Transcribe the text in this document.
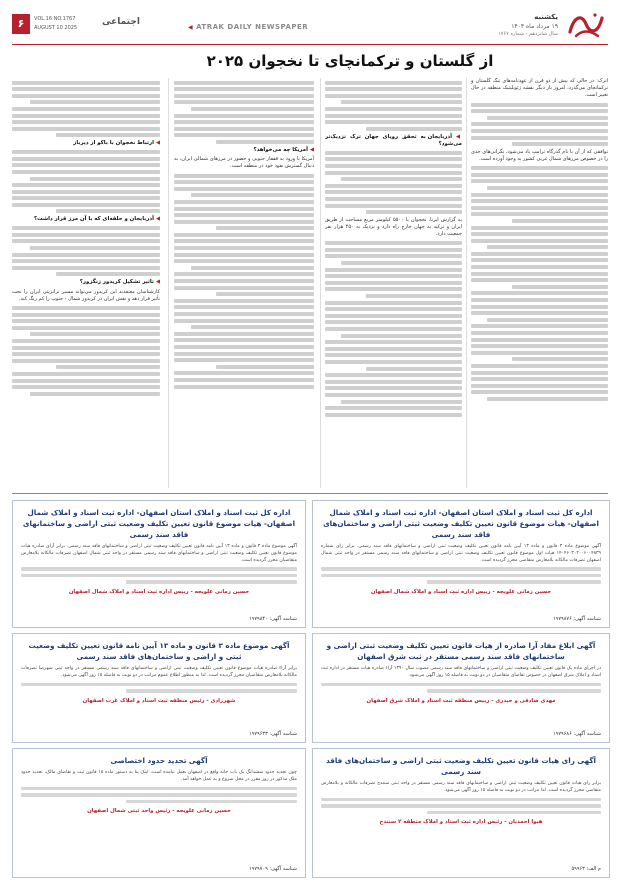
یکشنبه
۱۹ مرداد ماه ۱۴۰۴
سال شانزدهم - شماره ۱۷۶۷
◀ ATRAK DAILY NEWSPAPER
اجتماعی
۶	VOL.16 NO.1767
AUGUST 10 2025
از گلستان و ترکمانچای تا نخجوان ۲۰۲۵

اترک: در حالی که بیش از دو قرن از عهدنامه‌های ننگ گلستان و ترکمانچای می‌گذرد، امروز بار دیگر نقشه ژئوپلیتیک منطقه در حال تغییر است.

توافقی که از آن با نام گذرگاه ترامپ یاد می‌شود، نگرانی‌های جدی را در خصوص مرزهای شمال غربی کشور به وجود آورده است.

◀ آذربایجان به تحقق رویای جهان ترک نزدیک‌تر می‌شود؟

به گزارش ایرنا، نخجوان با ۵۵۰۰ کیلومتر مربع مساحت از طریق ایران و ترکیه به جهان خارج راه دارد و نزدیک به ۴۵۰ هزار نفر جمعیت دارد.

◀ آمریکا چه می‌خواهد؟

آمریکا با ورود به قفقاز جنوبی و حضور در مرزهای شمالی ایران، به دنبال گسترش نفوذ خود در منطقه است.

◀ ارتباط نخجوان با باکو از دیرباز
◀ آذربایجان و حلقه‌ای که با آن مرز قرار داشت؟
◀ تاثیر تشکیل کریدور زنگزور؟

کارشناسان معتقدند این کریدور می‌تواند مسیر ترانزیتی ایران را تحت تأثیر قرار دهد و نقش ایران در کریدور شمال - جنوب را کم رنگ کند.

اداره کل ثبت اسناد و املاک استان اصفهان- اداره ثبت اسناد و املاک شمال اصفهان- هیات موضوع قانون تعیین تکلیف وضعیت ثبتی اراضی و ساختمان‌های فاقد سند رسمی
آگهی موضوع ماده ۳ قانون و ماده ۱۳ آیین نامه قانون تعیین تکلیف وضعیت ثبتی اراضی و ساختمانهای فاقد سند رسمی. برابر رای شماره ۱۴۰۴۶۰۳۰۲۰۰۶۰۰۴۸۳۹ هیات اول موضوع قانون تعیین تکلیف وضعیت ثبتی اراضی و ساختمانهای فاقد سند رسمی مستقر در واحد ثبتی شمال اصفهان تصرفات مالکانه بلامعارض متقاضی محرز گردیده است.
حسین زمانی علویجه - رییس اداره ثبت اسناد و املاک شمال اصفهان
شناسه آگهی: ۱۹۷۹۸۷۶
آگهی ابلاغ مفاد آرا صادره از هیات قانون تعیین تکلیف وضعیت ثبتی اراضی و ساختمانهای فاقد سند رسمی مستقر در ثبت شرق اصفهان
در اجرای ماده یک قانون تعیین تکلیف وضعیت ثبتی اراضی و ساختمانهای فاقد سند رسمی مصوب سال ۱۳۹۰ آراء صادره هیات مستقر در اداره ثبت اسناد و املاک شرق اصفهان در خصوص تقاضای متقاضیان در دو نوبت به فاصله ۱۵ روز آگهی می‌شود.
مهدی صادقی و حیدری - رییس منطقه ثبت اسناد و املاک شرق اصفهان
شناسه آگهی: ۱۹۷۹۶۸۶
آگهی رای هیات قانون تعیین تکلیف وضعیت ثبتی اراضی و ساختمان‌های فاقد سند رسمی
برابر رای هیات قانون تعیین تکلیف وضعیت ثبتی اراضی و ساختمانهای فاقد سند رسمی مستقر در واحد ثبتی سنندج تصرفات مالکانه و بلامعارض متقاضی محرز گردیده است. لذا مراتب در دو نوبت به فاصله ۱۵ روز آگهی می‌شود.
هیوا احمدیان - رئیس اداره ثبت اسناد و املاک منطقه ۲ سنندج
م الف: ۵۹۹۶۳
اداره کل ثبت اسناد و املاک استان اصفهان- اداره ثبت اسناد و املاک شمال اصفهان- هیات موضوع قانون تعیین تکلیف وضعیت ثبتی اراضی و ساختمانهای فاقد سند رسمی
آگهی موضوع ماده ۳ قانون و ماده ۱۳ آیین نامه قانون تعیین تکلیف وضعیت ثبتی اراضی و ساختمانهای فاقد سند رسمی. برابر آرای صادره هیات موضوع قانون تعیین تکلیف وضعیت ثبتی اراضی و ساختمانهای فاقد سند رسمی مستقر در واحد ثبتی شمال اصفهان تصرفات مالکانه بلامعارض متقاضیان محرز گردیده است.
حسین زمانی علویجه - رییس اداره ثبت اسناد و املاک شمال اصفهان
شناسه آگهی: ۱۹۷۹۸۴۰
آگهی موضوع ماده ۳ قانون و ماده ۱۳ آیین نامه قانون تعیین تکلیف وضعیت ثبتی و اراضی و ساختمان‌های فاقد سند رسمی
برابر آراء صادره هیات موضوع قانون تعیین تکلیف وضعیت ثبتی اراضی و ساختمانهای فاقد سند رسمی مستقر در واحد ثبتی شهرضا تصرفات مالکانه بلامعارض متقاضیان محرز گردیده است. لذا به منظور اطلاع عموم مراتب در دو نوبت به فاصله ۱۵ روز آگهی می‌شود.
شهرزادی - رئیس منطقه ثبت اسناد و املاک غرب اصفهان
شناسه آگهی: ۱۹۷۹۶۳۳
آگهی تحدید حدود اختصاصی
چون تحدید حدود ششدانگ یک باب خانه واقع در اصفهان بعمل نیامده است، اینک بنا به دستور ماده ۱۵ قانون ثبت و تقاضای مالک، تحدید حدود ملک مذکور در روز مقرر در محل شروع و به عمل خواهد آمد.
حسین زمانی علویجه - رئیس واحد ثبتی شمال اصفهان
شناسه آگهی: ۱۹۷۹۷۰۹
